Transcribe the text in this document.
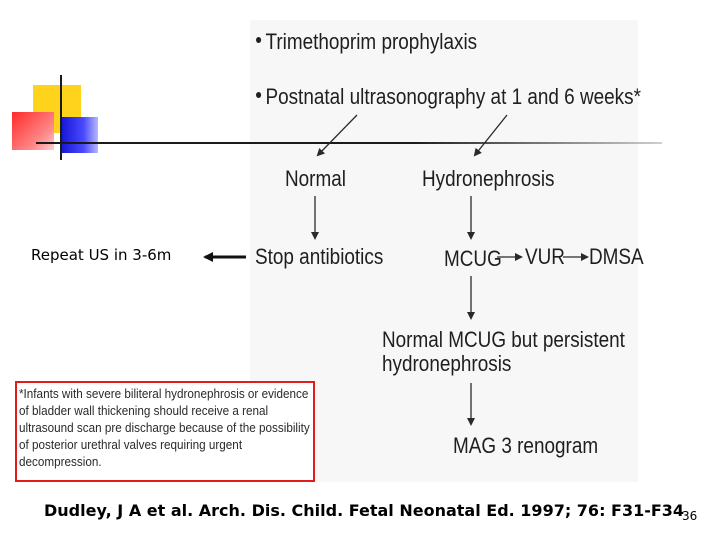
Trimethoprim prophylaxis
Postnatal ultrasonography at 1 and 6 weeks*
Normal	Hydronephrosis
Stop antibiotics	MCUG VUR DMSA
Normal MCUG but persistent
hydronephrosis
MAG 3 renogram
Repeat US in 3-6m
*Infants with severe biliteral hydronephrosis or evidence
of bladder wall thickening should receive a renal
ultrasound scan pre discharge because of the possibility
of posterior urethral valves requiring urgent
decompression.
Dudley, J A et al. Arch. Dis. Child. Fetal Neonatal Ed. 1997; 76: F31-F34
36
